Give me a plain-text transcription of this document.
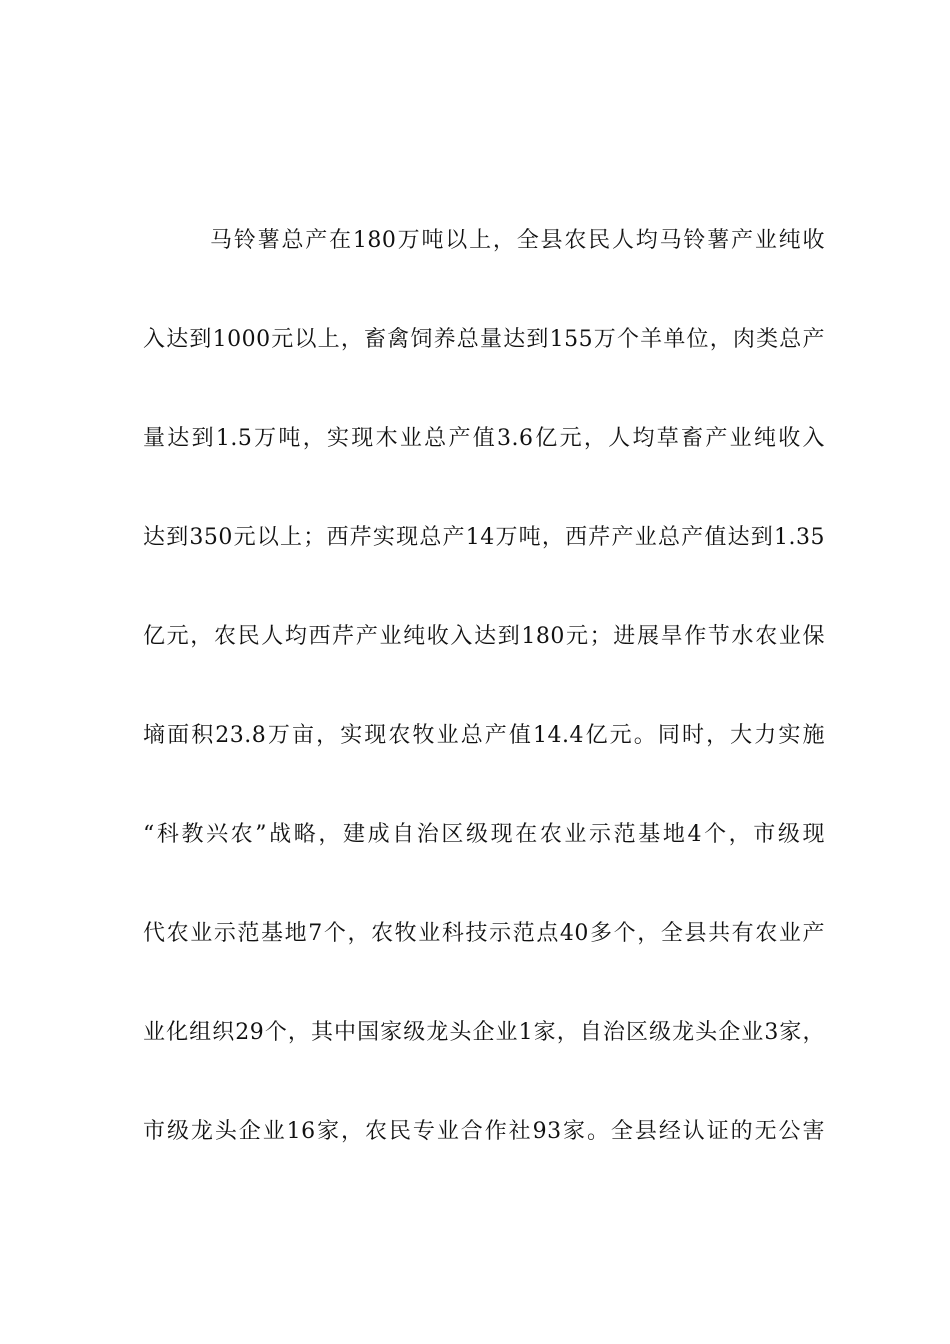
马铃薯总产在180万吨以上，全县农民人均马铃薯产业纯收
入达到1000元以上，畜禽饲养总量达到155万个羊单位，肉类总产
量达到1.5万吨，实现木业总产值3.6亿元，人均草畜产业纯收入
达到350元以上；西芹实现总产14万吨，西芹产业总产值达到1.35
亿元，农民人均西芹产业纯收入达到180元；进展旱作节水农业保
墒面积23.8万亩，实现农牧业总产值14.4亿元。同时，大力实施
“科教兴农”战略，建成自治区级现在农业示范基地4个，市级现
代农业示范基地7个，农牧业科技示范点40多个，全县共有农业产
业化组织29个，其中国家级龙头企业1家，自治区级龙头企业3家，
市级龙头企业16家，农民专业合作社93家。全县经认证的无公害
